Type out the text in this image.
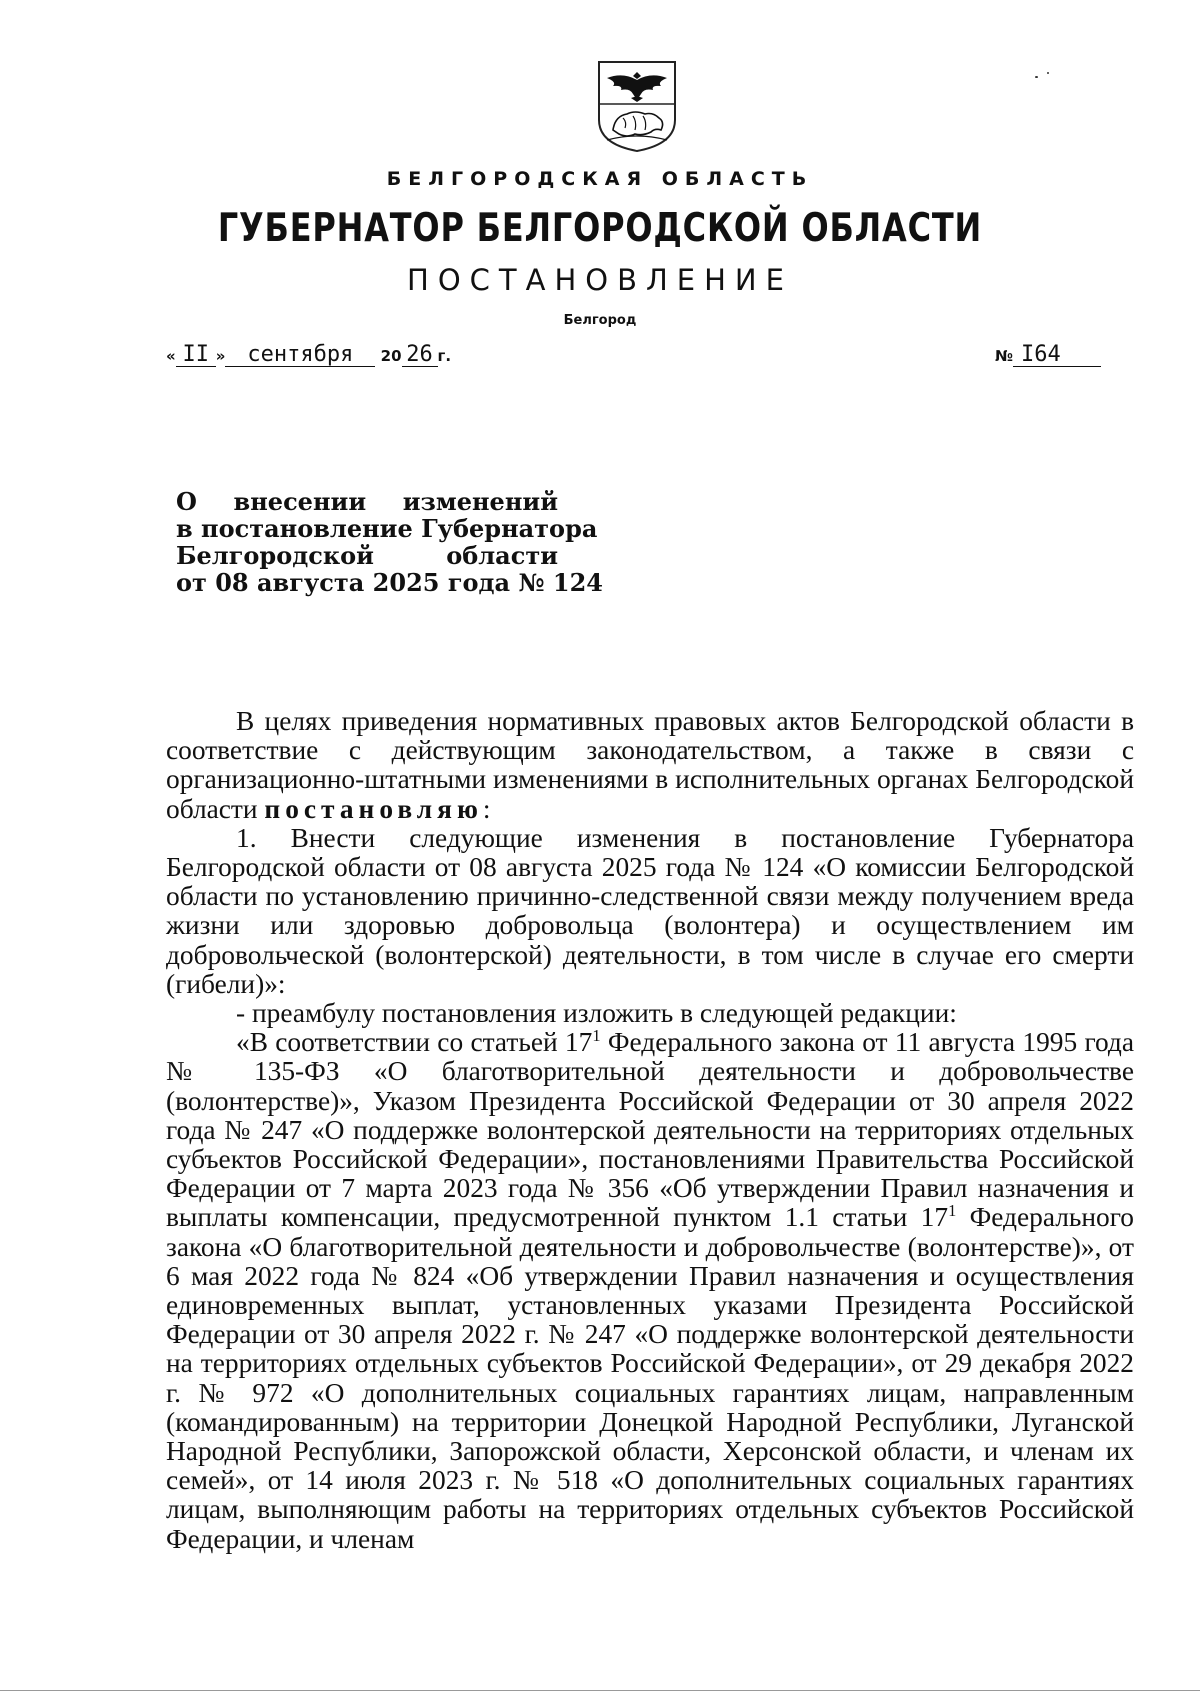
БЕЛГОРОДСКАЯ ОБЛАСТЬ
ГУБЕРНАТОР БЕЛГОРОДСКОЙ ОБЛАСТИ
ПОСТАНОВЛЕНИЕ
Белгород
« II » сентября 20 26 г.	№ I64
О внесении изменений
в постановление Губернатора
Белгородской области
от 08 августа 2025 года № 124

В целях приведения нормативных правовых актов Белгородской области в соответствие с действующим законодательством, а также в связи с организационно-штатными изменениями в исполнительных органах Белгородской области постановляю:

1. Внести следующие изменения в постановление Губернатора Белгородской области от 08 августа 2025 года № 124 «О комиссии Белгородской области по установлению причинно-следственной связи между получением вреда жизни или здоровью добровольца (волонтера) и осуществлением им добровольческой (волонтерской) деятельности, в том числе в случае его смерти (гибели)»:

- преамбулу постановления изложить в следующей редакции:

«В соответствии со статьей $17^1$ Федерального закона от 11 августа 1995 года № 135-ФЗ «О благотворительной деятельности и добровольчестве (волонтерстве)», Указом Президента Российской Федерации от 30 апреля 2022 года № 247 «О поддержке волонтерской деятельности на территориях отдельных субъектов Российской Федерации», постановлениями Правительства Российской Федерации от 7 марта 2023 года № 356 «Об утверждении Правил назначения и выплаты компенсации, предусмотренной пунктом 1.1 статьи $17^1$ Федерального закона «О благотворительной деятельности и добровольчестве (волонтерстве)», от 6 мая 2022 года № 824 «Об утверждении Правил назначения и осуществления единовременных выплат, установленных указами Президента Российской Федерации от 30 апреля 2022 г. № 247 «О поддержке волонтерской деятельности на территориях отдельных субъектов Российской Федерации», от 29 декабря 2022 г. № 972 «О дополнительных социальных гарантиях лицам, направленным (командированным) на территории Донецкой Народной Республики, Луганской Народной Республики, Запорожской области, Херсонской области, и членам их семей», от 14 июля 2023 г. № 518 «О дополнительных социальных гарантиях лицам, выполняющим работы на территориях отдельных субъектов Российской Федерации, и членам
